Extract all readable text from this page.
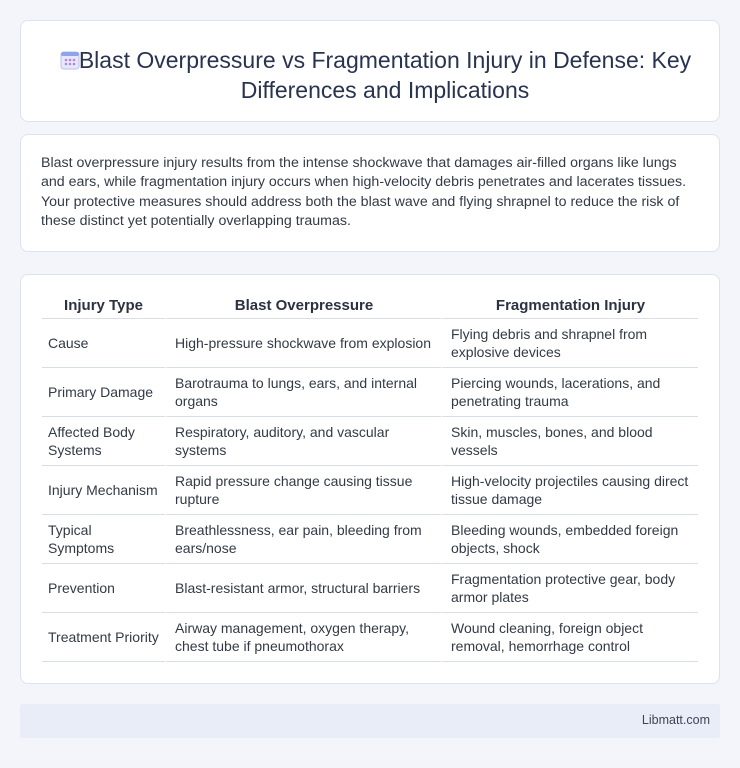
Blast Overpressure vs Fragmentation Injury in Defense: Key Differences and Implications

Blast overpressure injury results from the intense shockwave that damages air-filled organs like lungs and ears, while fragmentation injury occurs when high-velocity debris penetrates and lacerates tissues. Your protective measures should address both the blast wave and flying shrapnel to reduce the risk of these distinct yet potentially overlapping traumas.

Injury Type	Blast Overpressure	Fragmentation Injury
Cause	High-pressure shockwave from explosion	Flying debris and shrapnel from explosive devices
Primary Damage	Barotrauma to lungs, ears, and internal organs	Piercing wounds, lacerations, and penetrating trauma
Affected Body Systems	Respiratory, auditory, and vascular systems	Skin, muscles, bones, and blood vessels
Injury Mechanism	Rapid pressure change causing tissue rupture	High-velocity projectiles causing direct tissue damage
Typical Symptoms	Breathlessness, ear pain, bleeding from ears/nose	Bleeding wounds, embedded foreign objects, shock
Prevention	Blast-resistant armor, structural barriers	Fragmentation protective gear, body armor plates
Treatment Priority	Airway management, oxygen therapy, chest tube if pneumothorax	Wound cleaning, foreign object removal, hemorrhage control
Libmatt.com
